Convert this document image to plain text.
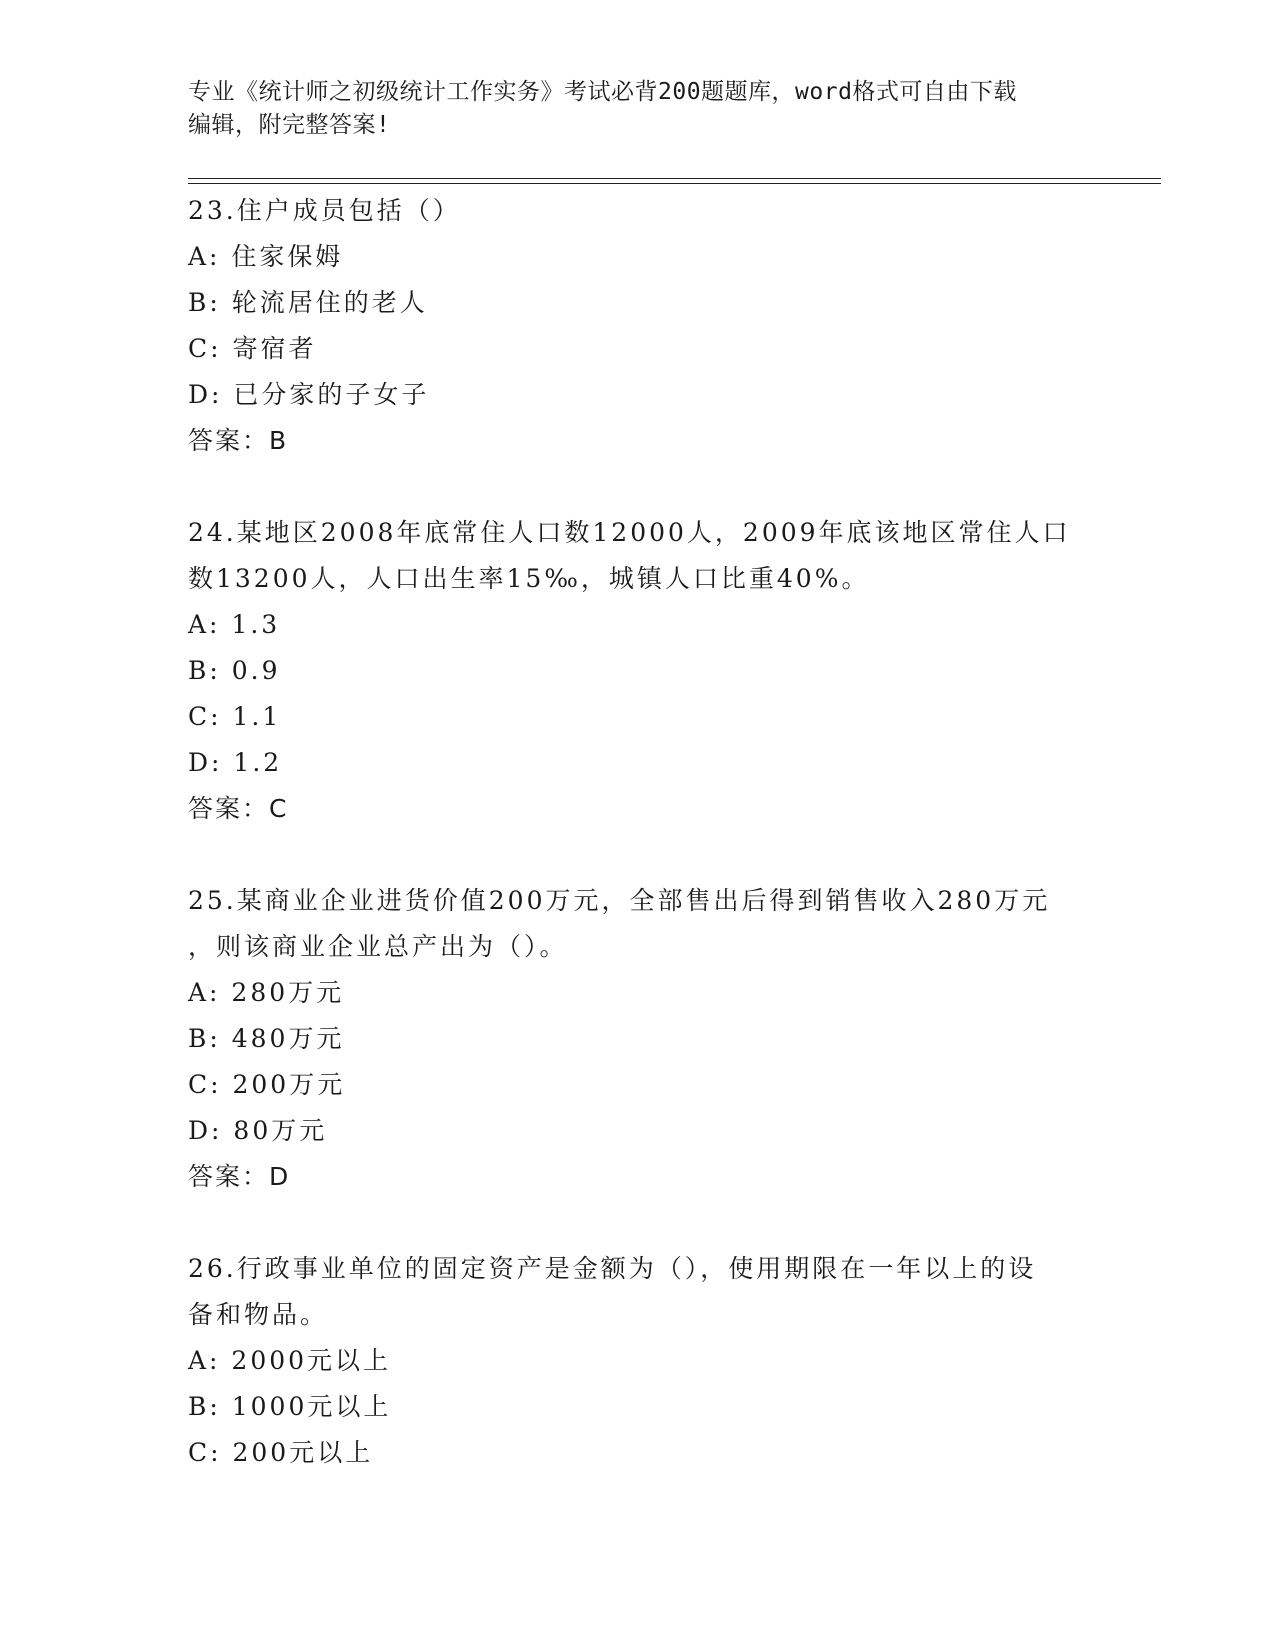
专业《统计师之初级统计工作实务》考试必背200题题库，word格式可自由下载
编辑，附完整答案!
23.住户成员包括（）
A: 住家保姆
B: 轮流居住的老人
C: 寄宿者
D: 已分家的子女子
答案：B
24.某地区2008年底常住人口数12000人，2009年底该地区常住人口
数13200人，人口出生率15‰，城镇人口比重40%。
A: 1.3
B: 0.9
C: 1.1
D: 1.2
答案：C
25.某商业企业进货价值200万元，全部售出后得到销售收入280万元
，则该商业企业总产出为（）。
A: 280万元
B: 480万元
C: 200万元
D: 80万元
答案：D
26.行政事业单位的固定资产是金额为（），使用期限在一年以上的设
备和物品。
A: 2000元以上
B: 1000元以上
C: 200元以上
